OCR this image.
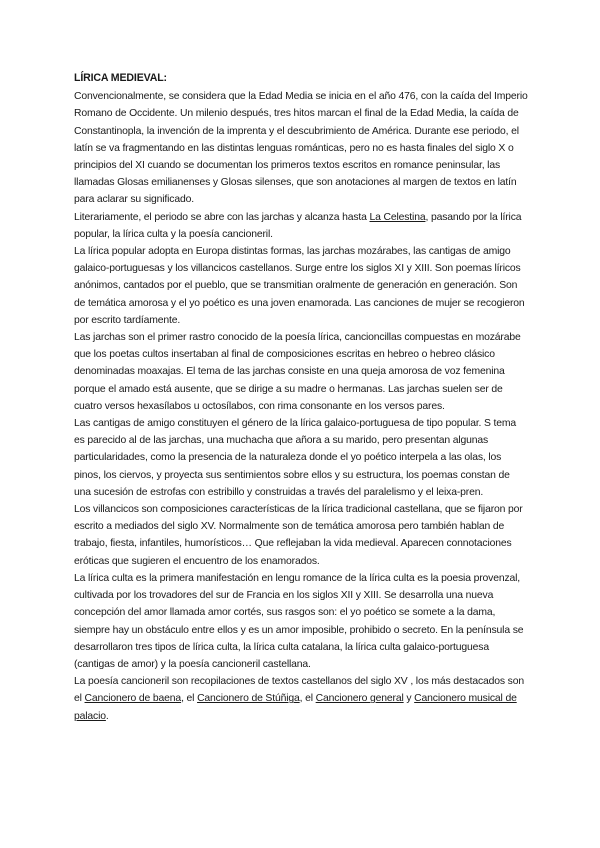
LÍRICA MEDIEVAL:

Convencionalmente, se considera que la Edad Media se inicia en el año 476, con la caída del Imperio Romano de Occidente. Un milenio después, tres hitos marcan el final de la Edad Media, la caída de Constantinopla, la invención de la imprenta y el descubrimiento de América. Durante ese periodo, el latín se va fragmentando en las distintas lenguas románticas, pero no es hasta finales del siglo X o principios del XI cuando se documentan los primeros textos escritos en romance peninsular, las llamadas Glosas emilianenses y Glosas silenses, que son anotaciones al margen de textos en latín para aclarar su significado.

Literariamente, el periodo se abre con las jarchas y alcanza hasta La Celestina, pasando por la lírica popular, la lírica culta y la poesía cancioneril.

La lírica popular adopta en Europa distintas formas, las jarchas mozárabes, las cantigas de amigo galaico-portuguesas y los villancicos castellanos. Surge entre los siglos XI y XIII. Son poemas líricos anónimos, cantados por el pueblo, que se transmitian oralmente de generación en generación. Son de temática amorosa y el yo poético es una joven enamorada. Las canciones de mujer se recogieron por escrito tardíamente.

Las jarchas son el primer rastro conocido de la poesía lírica, cancioncillas compuestas en mozárabe que los poetas cultos insertaban al final de composiciones escritas en hebreo o hebreo clásico denominadas moaxajas. El tema de las jarchas consiste en una queja amorosa de voz femenina porque el amado está ausente, que se dirige a su madre o hermanas. Las jarchas suelen ser de cuatro versos hexasílabos u octosílabos, con rima consonante en los versos pares.

Las cantigas de amigo constituyen el género de la lírica galaico-portuguesa de tipo popular. S tema es parecido al de las jarchas, una muchacha que añora a su marido, pero presentan algunas particularidades, como la presencia de la naturaleza donde el yo poético interpela a las olas, los pinos, los ciervos, y proyecta sus sentimientos sobre ellos y su estructura, los poemas constan de una sucesión de estrofas con estribillo y construidas a través del paralelismo y el leixa-pren.

Los villancicos son composiciones características de la lírica tradicional castellana, que se fijaron por escrito a mediados del siglo XV. Normalmente son de temática amorosa pero también hablan de trabajo, fiesta, infantiles, humorísticos… Que reflejaban la vida medieval. Aparecen connotaciones eróticas que sugieren el encuentro de los enamorados.

La lírica culta es la primera manifestación en lengu romance de la lírica culta es la poesia provenzal, cultivada por los trovadores del sur de Francia en los siglos XII y XIII. Se desarrolla una nueva concepción del amor llamada amor cortés, sus rasgos son: el yo poético se somete a la dama, siempre hay un obstáculo entre ellos y es un amor imposible, prohibido o secreto. En la península se desarrollaron tres tipos de lírica culta, la lírica culta catalana, la lírica culta galaico-portuguesa (cantigas de amor) y la poesía cancioneril castellana.

La poesía cancioneril son recopilaciones de textos castellanos del siglo XV , los más destacados son el Cancionero de baena, el Cancionero de Stúñiga, el Cancionero general y Cancionero musical de palacio.
